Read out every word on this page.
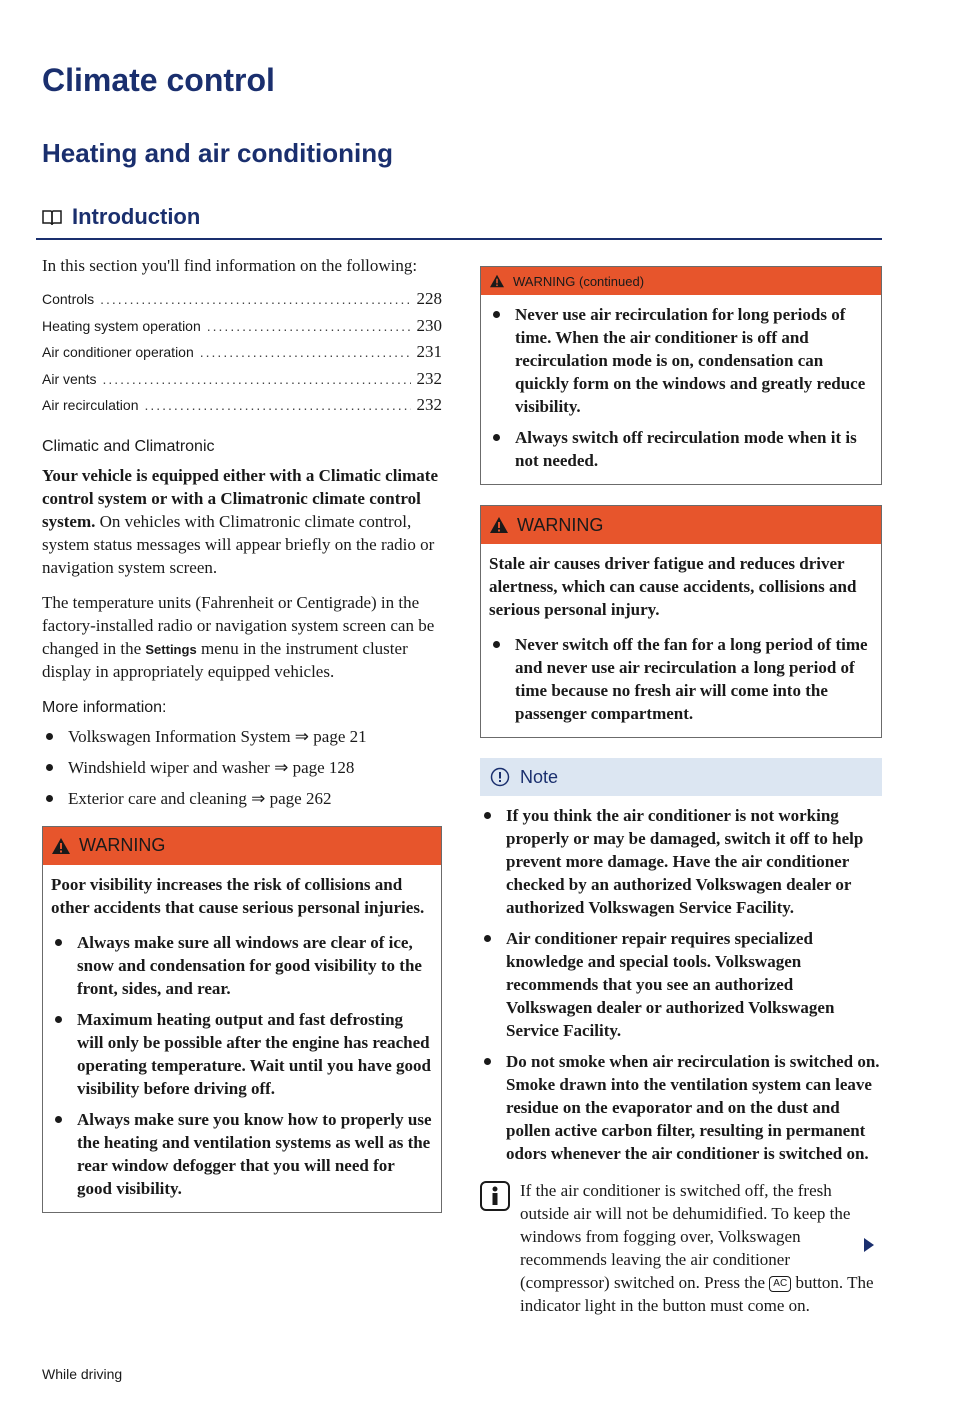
Climate control
Heating and air conditioning
Introduction

In this section you'll find information on the following:

Controls .....	228
Heating system operation .....	230
Air conditioner operation .....	231
Air vents .....	232
Air recirculation .....	232
Climatic and Climatronic

Your vehicle is equipped either with a Climatic climate control system or with a Climatronic climate control system. On vehicles with Climatronic climate control, system status messages will appear briefly on the radio or navigation system screen.

The temperature units (Fahrenheit or Centigrade) in the factory-installed radio or navigation system screen can be changed in the Settings menu in the instrument cluster display in appropriately equipped vehicles.

More information:
Volkswagen Information System ⇒ page 21
Windshield wiper and washer ⇒ page 128
Exterior care and cleaning ⇒ page 262
WARNING

Poor visibility increases the risk of collisions and other accidents that cause serious personal injuries.

Always make sure all windows are clear of ice, snow and condensation for good visibility to the front, sides, and rear.
Maximum heating output and fast defrosting will only be possible after the engine has reached operating temperature. Wait until you have good visibility before driving off.
Always make sure you know how to properly use the heating and ventilation systems as well as the rear window defogger that you will need for good visibility.
WARNING (continued)
Never use air recirculation for long periods of time. When the air conditioner is off and recirculation mode is on, condensation can quickly form on the windows and greatly reduce visibility.
Always switch off recirculation mode when it is not needed.
WARNING

Stale air causes driver fatigue and reduces driver alertness, which can cause accidents, collisions and serious personal injury.

Never switch off the fan for a long period of time and never use air recirculation a long period of time because no fresh air will come into the passenger compartment.
Note
If you think the air conditioner is not working properly or may be damaged, switch it off to help prevent more damage. Have the air conditioner checked by an authorized Volkswagen dealer or authorized Volkswagen Service Facility.
Air conditioner repair requires specialized knowledge and special tools. Volkswagen recommends that you see an authorized Volkswagen dealer or authorized Volkswagen Service Facility.
Do not smoke when air recirculation is switched on. Smoke drawn into the ventilation system can leave residue on the evaporator and on the dust and pollen active carbon filter, resulting in permanent odors whenever the air conditioner is switched on.
If the air conditioner is switched off, the fresh outside air will not be dehumidified. To keep the windows from fogging over, Volkswagen recommends leaving the air conditioner (compressor) switched on. Press the AC button. The indicator light in the button must come on.
While driving
